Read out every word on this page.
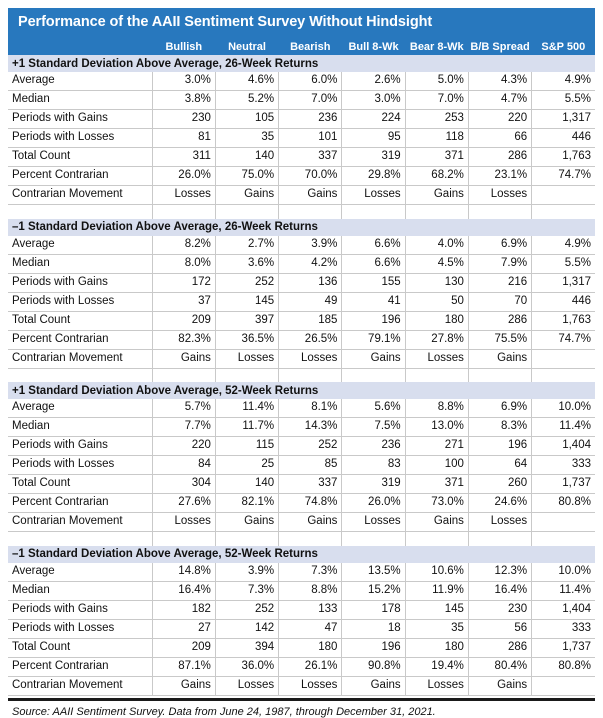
Performance of the AAII Sentiment Survey Without Hindsight
	Bullish	Neutral	Bearish	Bull 8-Wk	Bear 8-Wk	B/B Spread	S&P 500
+1 Standard Deviation Above Average, 26-Week Returns							
Average	3.0%	4.6%	6.0%	2.6%	5.0%	4.3%	4.9%
Median	3.8%	5.2%	7.0%	3.0%	7.0%	4.7%	5.5%
Periods with Gains	230	105	236	224	253	220	1,317
Periods with Losses	81	35	101	95	118	66	446
Total Count	311	140	337	319	371	286	1,763
Percent Contrarian	26.0%	75.0%	70.0%	29.8%	68.2%	23.1%	74.7%
Contrarian Movement	Losses	Gains	Gains	Losses	Gains	Losses	

–1 Standard Deviation Above Average, 26-Week Returns							
Average	8.2%	2.7%	3.9%	6.6%	4.0%	6.9%	4.9%
Median	8.0%	3.6%	4.2%	6.6%	4.5%	7.9%	5.5%
Periods with Gains	172	252	136	155	130	216	1,317
Periods with Losses	37	145	49	41	50	70	446
Total Count	209	397	185	196	180	286	1,763
Percent Contrarian	82.3%	36.5%	26.5%	79.1%	27.8%	75.5%	74.7%
Contrarian Movement	Gains	Losses	Losses	Gains	Losses	Gains	

+1 Standard Deviation Above Average, 52-Week Returns							
Average	5.7%	11.4%	8.1%	5.6%	8.8%	6.9%	10.0%
Median	7.7%	11.7%	14.3%	7.5%	13.0%	8.3%	11.4%
Periods with Gains	220	115	252	236	271	196	1,404
Periods with Losses	84	25	85	83	100	64	333
Total Count	304	140	337	319	371	260	1,737
Percent Contrarian	27.6%	82.1%	74.8%	26.0%	73.0%	24.6%	80.8%
Contrarian Movement	Losses	Gains	Gains	Losses	Gains	Losses	

–1 Standard Deviation Above Average, 52-Week Returns							
Average	14.8%	3.9%	7.3%	13.5%	10.6%	12.3%	10.0%
Median	16.4%	7.3%	8.8%	15.2%	11.9%	16.4%	11.4%
Periods with Gains	182	252	133	178	145	230	1,404
Periods with Losses	27	142	47	18	35	56	333
Total Count	209	394	180	196	180	286	1,737
Percent Contrarian	87.1%	36.0%	26.1%	90.8%	19.4%	80.4%	80.8%
Contrarian Movement	Gains	Losses	Losses	Gains	Losses	Gains	
Source: AAII Sentiment Survey. Data from June 24, 1987, through December 31, 2021.
